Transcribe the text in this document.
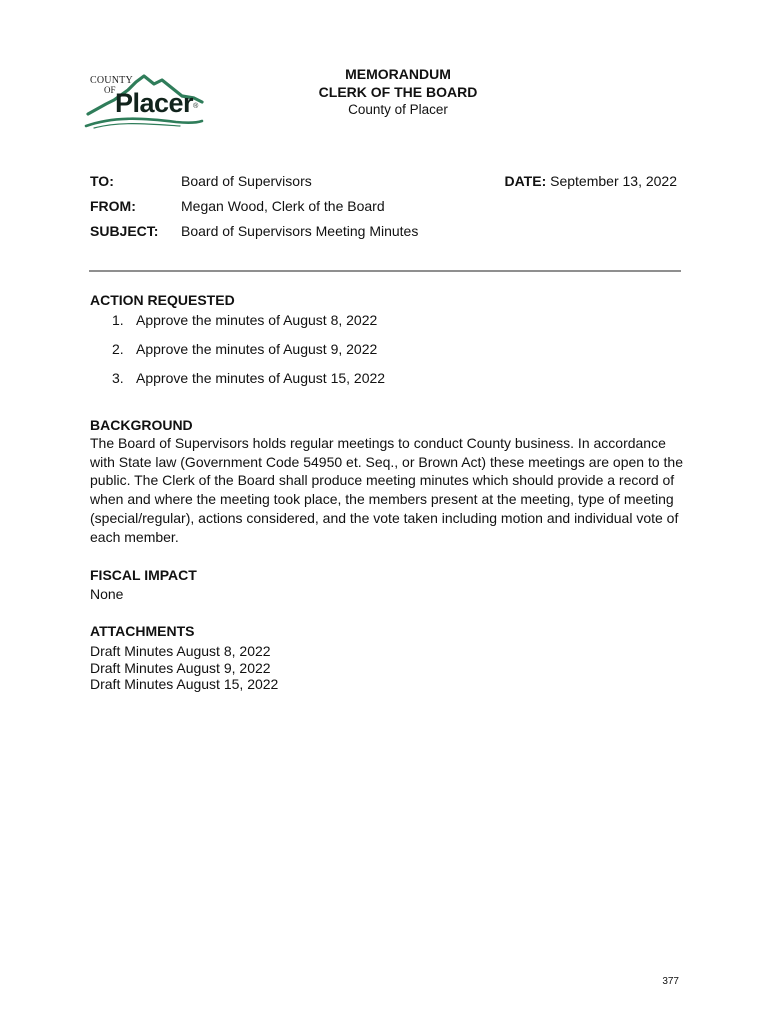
COUNTY
OF Placer®
MEMORANDUM
CLERK OF THE BOARD
County of Placer
TO:	Board of Supervisors	DATE: September 13, 2022
FROM:	Megan Wood, Clerk of the Board
SUBJECT: Board of Supervisors Meeting Minutes
ACTION REQUESTED
1. Approve the minutes of August 8, 2022
2. Approve the minutes of August 9, 2022
3. Approve the minutes of August 15, 2022
BACKGROUND
The Board of Supervisors holds regular meetings to conduct County business. In accordance with State law (Government Code 54950 et. Seq., or Brown Act) these meetings are open to the public. The Clerk of the Board shall produce meeting minutes which should provide a record of when and where the meeting took place, the members present at the meeting, type of meeting (special/regular), actions considered, and the vote taken including motion and individual vote of each member.
FISCAL IMPACT
None
ATTACHMENTS
Draft Minutes August 8, 2022
Draft Minutes August 9, 2022
Draft Minutes August 15, 2022
377
